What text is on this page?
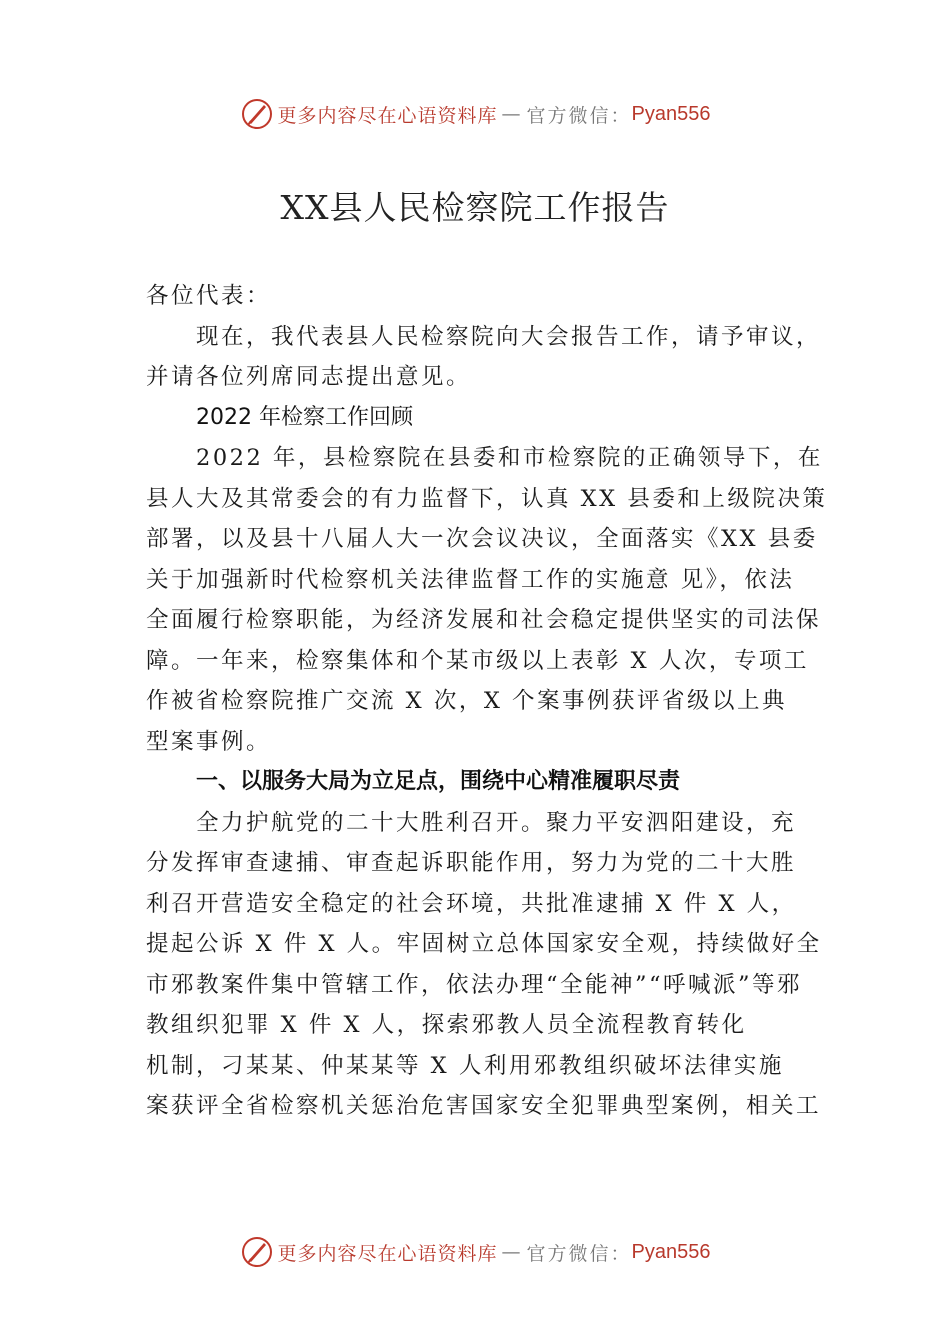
更多内容尽在心语资料库 — 官方微信： Pyan556
XX县人民检察院工作报告

各位代表：

现在，我代表县人民检察院向大会报告工作，请予审议，
并请各位列席同志提出意见。

2022 年检察工作回顾

2022 年，县检察院在县委和市检察院的正确领导下，在
县人大及其常委会的有力监督下，认真 XX 县委和上级院决策
部署，以及县十八届人大一次会议决议，全面落实《XX 县委
关于加强新时代检察机关法律监督工作的实施意 见》，依法
全面履行检察职能，为经济发展和社会稳定提供坚实的司法保
障。一年来，检察集体和个某市级以上表彰 X 人次，专项工
作被省检察院推广交流 X 次，X 个案事例获评省级以上典
型案事例。

一、以服务大局为立足点，围绕中心精准履职尽责

全力护航党的二十大胜利召开。聚力平安泗阳建设，充
分发挥审查逮捕、审查起诉职能作用，努力为党的二十大胜
利召开营造安全稳定的社会环境，共批准逮捕 X 件 X 人，
提起公诉 X 件 X 人。牢固树立总体国家安全观，持续做好全
市邪教案件集中管辖工作，依法办理“全能神”“呼喊派”等邪
教组织犯罪 X 件 X 人，探索邪教人员全流程教育转化
机制，刁某某、仲某某等 X 人利用邪教组织破坏法律实施
案获评全省检察机关惩治危害国家安全犯罪典型案例，相关工

更多内容尽在心语资料库 — 官方微信： Pyan556
